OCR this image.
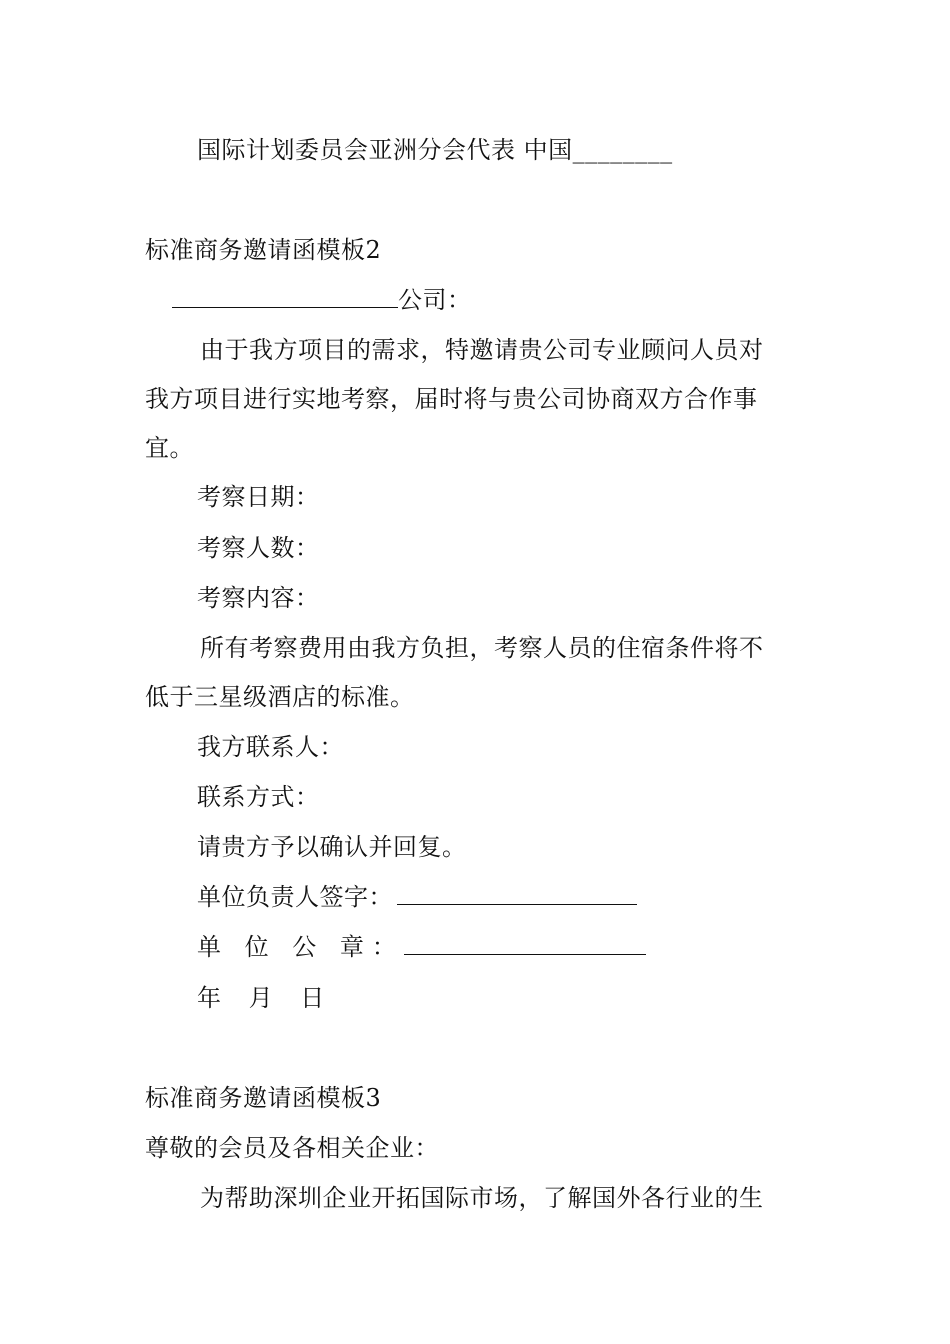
国际计划委员会亚洲分会代表 中国________
标准商务邀请函模板2
公司：
由于我方项目的需求，特邀请贵公司专业顾问人员对
我方项目进行实地考察，届时将与贵公司协商双方合作事
宜。
考察日期：
考察人数：
考察内容：
所有考察费用由我方负担，考察人员的住宿条件将不
低于三星级酒店的标准。
我方联系人：
联系方式：
请贵方予以确认并回复。
单位负责人签字：
单 位 公 章：
年 月 日
标准商务邀请函模板3
尊敬的会员及各相关企业：
为帮助深圳企业开拓国际市场，了解国外各行业的生
